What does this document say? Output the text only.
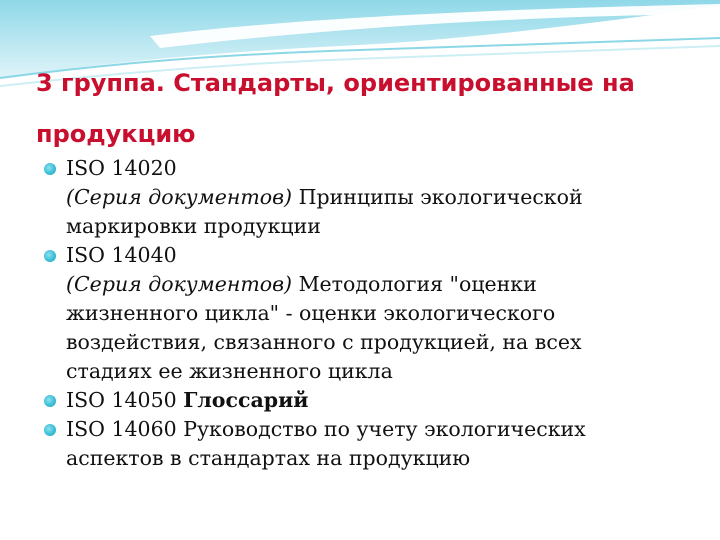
3 группа. Стандарты, ориентированные на продукцию
ISO 14020
(Серия документов) Принципы экологической
маркировки продукции
ISO 14040
(Серия документов) Методология "оценки
жизненного цикла" - оценки экологического
воздействия, связанного с продукцией, на всех
стадиях ее жизненного цикла
ISO 14050 Глоссарий
ISO 14060 Руководство по учету экологических
аспектов в стандартах на продукцию
